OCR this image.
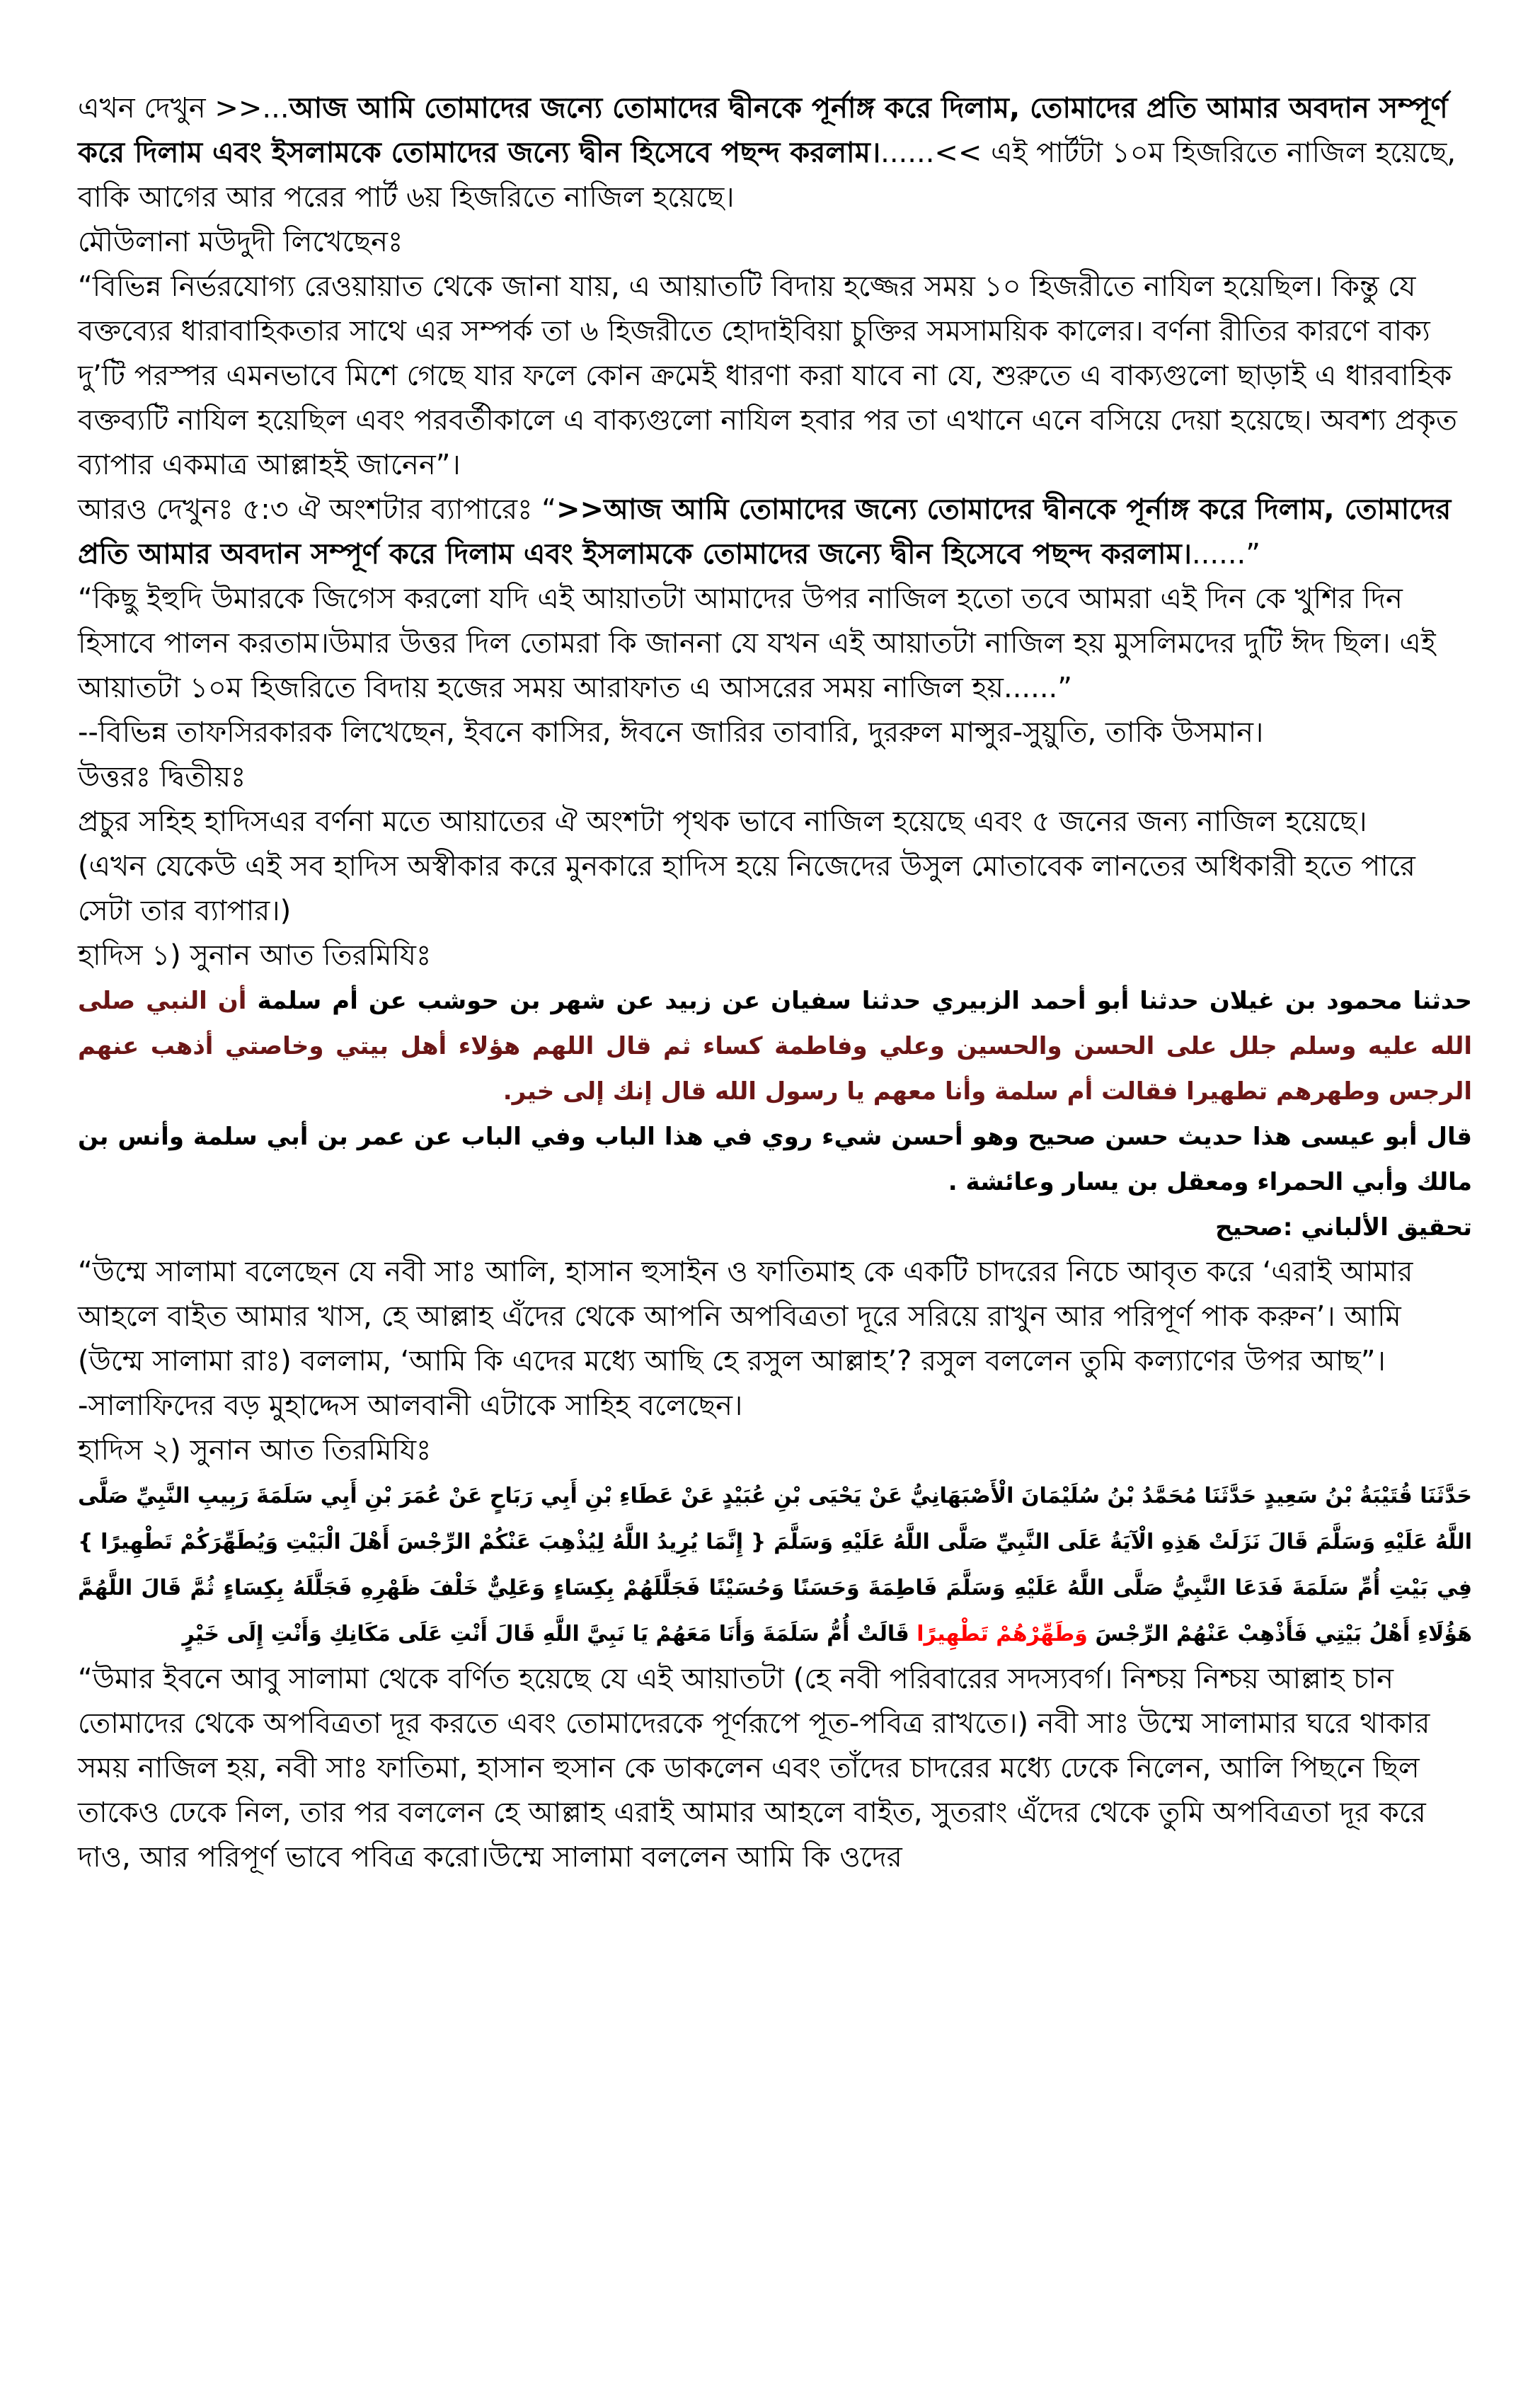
এখন দেখুন >>...আজ আমি তোমাদের জন্যে তোমাদের দ্বীনকে পূর্নাঙ্গ করে দিলাম, তোমাদের প্রতি আমার অবদান সম্পূর্ণ করে দিলাম এবং ইসলামকে তোমাদের জন্যে দ্বীন হিসেবে পছন্দ করলাম।......<< এই পার্টটা ১০ম হিজরিতে নাজিল হয়েছে, বাকি আগের আর পরের পার্ট ৬য় হিজরিতে নাজিল হয়েছে।

মৌউলানা মউদুদী লিখেছেনঃ

“বিভিন্ন নির্ভরযোগ্য রেওয়ায়াত থেকে জানা যায়, এ আয়াতটি বিদায় হজ্জের সময় ১০ হিজরীতে নাযিল হয়েছিল। কিন্তু যে বক্তব্যের ধারাবাহিকতার সাথে এর সম্পর্ক তা ৬ হিজরীতে হোদাইবিয়া চুক্তির সমসাময়িক কালের। বর্ণনা রীতির কারণে বাক্য দু’টি পরস্পর এমনভাবে মিশে গেছে যার ফলে কোন ক্রমেই ধারণা করা যাবে না যে, শুরুতে এ বাক্যগুলো ছাড়াই এ ধারবাহিক বক্তব্যটি নাযিল হয়েছিল এবং পরবর্তীকালে এ বাক্যগুলো নাযিল হবার পর তা এখানে এনে বসিয়ে দেয়া হয়েছে। অবশ্য প্রকৃত ব্যাপার একমাত্র আল্লাহই জানেন”।

আরও দেখুনঃ ৫:৩ ঐ অংশটার ব্যাপারেঃ “>>আজ আমি তোমাদের জন্যে তোমাদের দ্বীনকে পূর্নাঙ্গ করে দিলাম, তোমাদের প্রতি আমার অবদান সম্পূর্ণ করে দিলাম এবং ইসলামকে তোমাদের জন্যে দ্বীন হিসেবে পছন্দ করলাম।......”

“কিছু ইহুদি উমারকে জিগেস করলো যদি এই আয়াতটা আমাদের উপর নাজিল হতো তবে আমরা এই দিন কে খুশির দিন হিসাবে পালন করতাম।উমার উত্তর দিল তোমরা কি জাননা যে যখন এই আয়াতটা নাজিল হয় মুসলিমদের দুটি ঈদ ছিল। এই আয়াতটা ১০ম হিজরিতে বিদায় হজের সময় আরাফাত এ আসরের সময় নাজিল হয়......”

--বিভিন্ন তাফসিরকারক লিখেছেন, ইবনে কাসির, ঈবনে জারির তাবারি, দুররুল মান্সুর-সুয়ুতি, তাকি উসমান।

উত্তরঃ দ্বিতীয়ঃ

প্রচুর সহিহ হাদিসএর বর্ণনা মতে আয়াতের ঐ অংশটা পৃথক ভাবে নাজিল হয়েছে এবং ৫ জনের জন্য নাজিল হয়েছে।

(এখন যেকেউ এই সব হাদিস অস্বীকার করে মুনকারে হাদিস হয়ে নিজেদের উসুল মোতাবেক লানতের অধিকারী হতে পারে সেটা তার ব্যাপার।)

হাদিস ১) সুনান আত তিরমিযিঃ

حدثنا محمود بن غيلان حدثنا أبو أحمد الزبيري حدثنا سفيان عن زبيد عن شهر بن حوشب عن أم سلمة أن النبي صلى الله عليه وسلم جلل على الحسن والحسين وعلي وفاطمة كساء ثم قال اللهم هؤلاء أهل بيتي وخاصتي أذهب عنهم الرجس وطهرهم تطهيرا فقالت أم سلمة وأنا معهم يا رسول الله قال إنك إلى خير.

قال أبو عيسى هذا حديث حسن صحيح وهو أحسن شيء روي في هذا الباب وفي الباب عن عمر بن أبي سلمة وأنس بن مالك وأبي الحمراء ومعقل بن يسار وعائشة .

تحقيق الألباني :صحيح

“উম্মে সালামা বলেছেন যে নবী সাঃ আলি, হাসান হুসাইন ও ফাতিমাহ কে একটি চাদরের নিচে আবৃত করে ‘এরাই আমার আহলে বাইত আমার খাস, হে আল্লাহ এঁদের থেকে আপনি অপবিত্রতা দূরে সরিয়ে রাখুন আর পরিপূর্ণ পাক করুন’। আমি (উম্মে সালামা রাঃ) বললাম, ‘আমি কি এদের মধ্যে আছি হে রসুল আল্লাহ’? রসুল বললেন তুমি কল্যাণের উপর আছ”।

-সালাফিদের বড় মুহাদ্দেস আলবানী এটাকে সাহিহ বলেছেন।

হাদিস ২) সুনান আত তিরমিযিঃ

حَدَّثَنَا قُتَيْبَةُ بْنُ سَعِيدٍ حَدَّثَنَا مُحَمَّدُ بْنُ سُلَيْمَانَ الْأَصْبَهَانِيُّ عَنْ يَحْيَى بْنِ عُبَيْدٍ عَنْ عَطَاءِ بْنِ أَبِي رَبَاحٍ عَنْ عُمَرَ بْنِ أَبِي سَلَمَةَ رَبِيبِ النَّبِيِّ صَلَّى اللَّهُ عَلَيْهِ وَسَلَّمَ قَالَ نَزَلَتْ هَذِهِ الْآيَةُ عَلَى النَّبِيِّ صَلَّى اللَّهُ عَلَيْهِ وَسَلَّمَ { إِنَّمَا يُرِيدُ اللَّهُ لِيُذْهِبَ عَنْكُمْ الرِّجْسَ أَهْلَ الْبَيْتِ وَيُطَهِّرَكُمْ تَطْهِيرًا } فِي بَيْتِ أُمِّ سَلَمَةَ فَدَعَا النَّبِيُّ صَلَّى اللَّهُ عَلَيْهِ وَسَلَّمَ فَاطِمَةَ وَحَسَنًا وَحُسَيْنًا فَجَلَّلَهُمْ بِكِسَاءٍ وَعَلِيٌّ خَلْفَ ظَهْرِهِ فَجَلَّلَهُ بِكِسَاءٍ ثُمَّ قَالَ اللَّهُمَّ هَؤُلَاءِ أَهْلُ بَيْتِي فَأَذْهِبْ عَنْهُمْ الرِّجْسَ وَطَهِّرْهُمْ تَطْهِيرًا قَالَتْ أُمُّ سَلَمَةَ وَأَنَا مَعَهُمْ يَا نَبِيَّ اللَّهِ قَالَ أَنْتِ عَلَى مَكَانِكِ وَأَنْتِ إِلَى خَيْرٍ

“উমার ইবনে আবু সালামা থেকে বর্ণিত হয়েছে যে এই আয়াতটা (হে নবী পরিবারের সদস্যবর্গ। নিশ্চয় নিশ্চয় আল্লাহ চান তোমাদের থেকে অপবিত্রতা দূর করতে এবং তোমাদেরকে পূর্ণরূপে পূত-পবিত্র রাখতে।) নবী সাঃ উম্মে সালামার ঘরে থাকার সময় নাজিল হয়, নবী সাঃ ফাতিমা, হাসান হুসান কে ডাকলেন এবং তাঁদের চাদরের মধ্যে ঢেকে নিলেন, আলি পিছনে ছিল তাকেও ঢেকে নিল, তার পর বললেন হে আল্লাহ এরাই আমার আহলে বাইত, সুতরাং এঁদের থেকে তুমি অপবিত্রতা দূর করে দাও, আর পরিপূর্ণ ভাবে পবিত্র করো।উম্মে সালামা বললেন আমি কি ওদের
